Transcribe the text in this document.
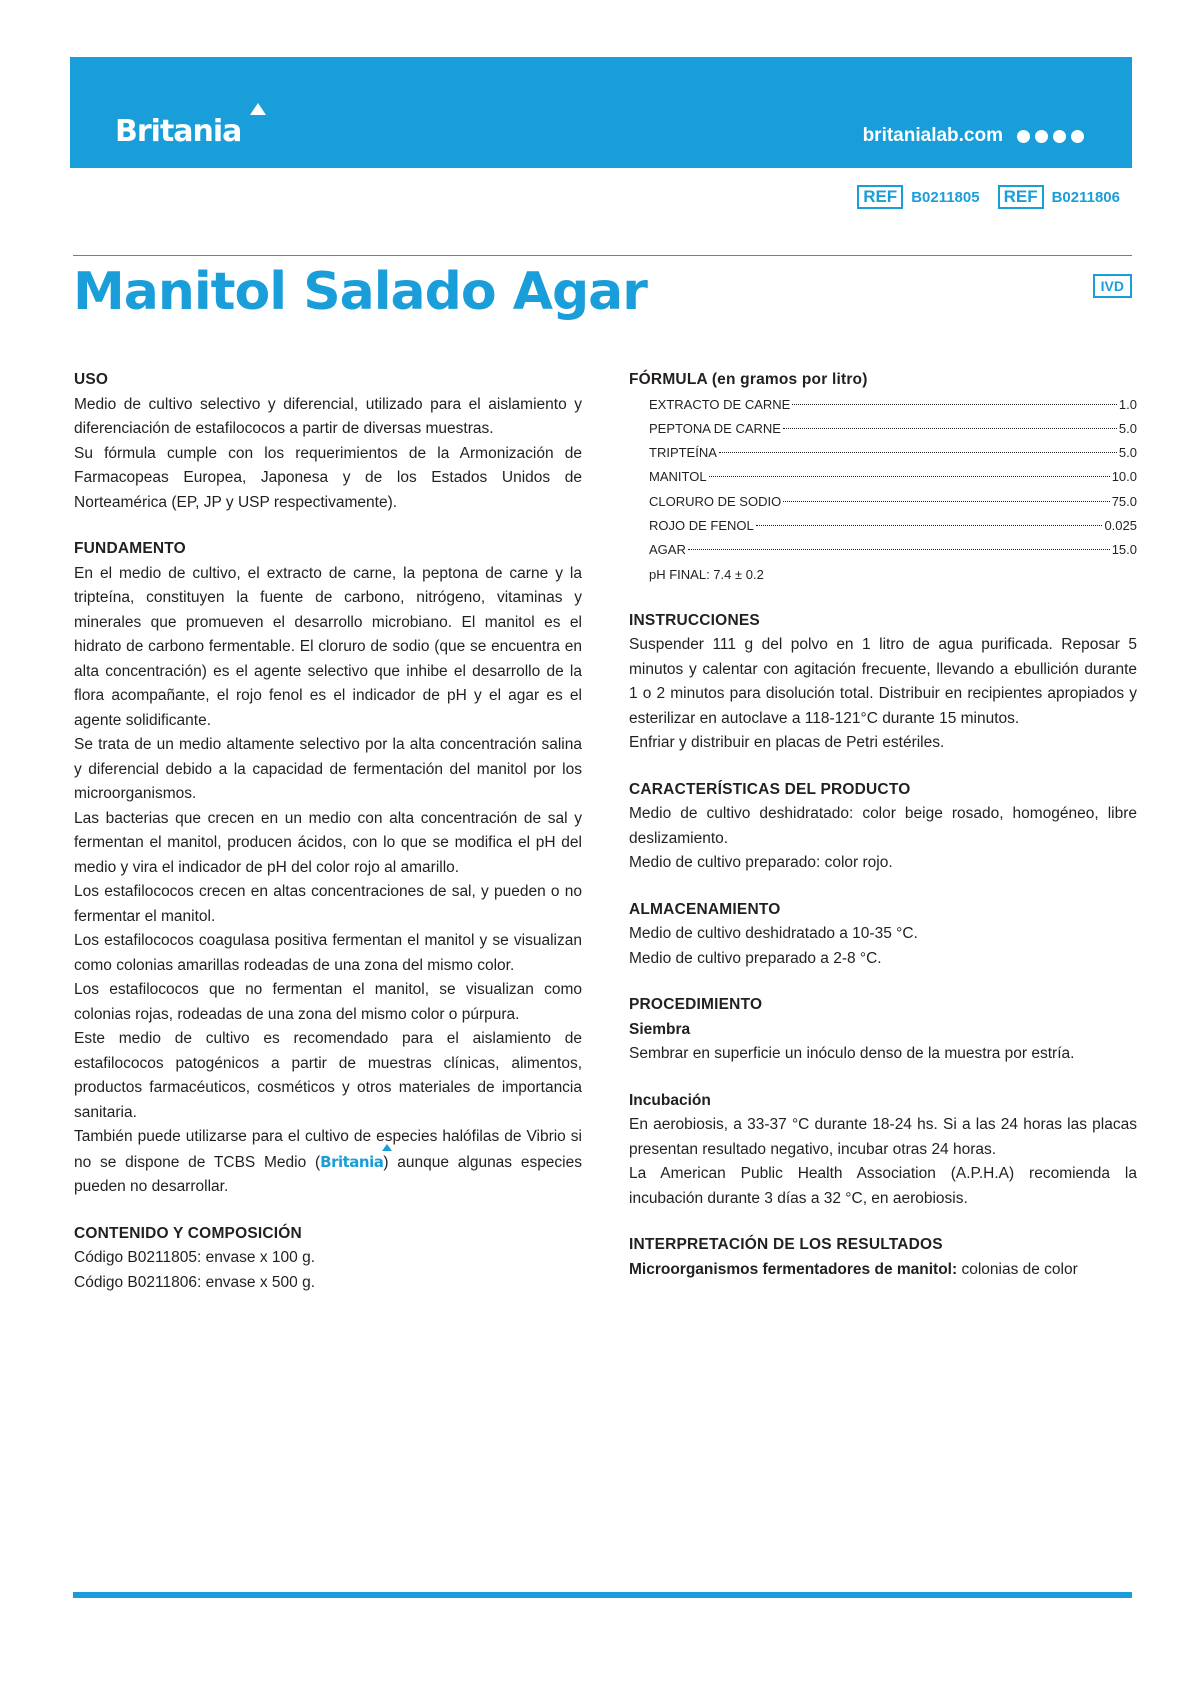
Britania	britanialab.com
REF B0211805	REF B0211806
Manitol Salado Agar	IVD
USO

Medio de cultivo selectivo y diferencial, utilizado para el aislamiento y diferenciación de estafilococos a partir de diversas muestras.

Su fórmula cumple con los requerimientos de la Armonización de Farmacopeas Europea, Japonesa y de los Estados Unidos de Norteamérica (EP, JP y USP respectivamente).

FUNDAMENTO

En el medio de cultivo, el extracto de carne, la peptona de carne y la tripteína, constituyen la fuente de carbono, nitrógeno, vitaminas y minerales que promueven el desarrollo microbiano. El manitol es el hidrato de carbono fermentable. El cloruro de sodio (que se encuentra en alta concentración) es el agente selectivo que inhibe el desarrollo de la flora acompañante, el rojo fenol es el indicador de pH y el agar es el agente solidificante.

Se trata de un medio altamente selectivo por la alta concentración salina y diferencial debido a la capacidad de fermentación del manitol por los microorganismos.

Las bacterias que crecen en un medio con alta concentración de sal y fermentan el manitol, producen ácidos, con lo que se modifica el pH del medio y vira el indicador de pH del color rojo al amarillo.

Los estafilococos crecen en altas concentraciones de sal, y pueden o no fermentar el manitol.

Los estafilococos coagulasa positiva fermentan el manitol y se visualizan como colonias amarillas rodeadas de una zona del mismo color.

Los estafilococos que no fermentan el manitol, se visualizan como colonias rojas, rodeadas de una zona del mismo color o púrpura.

Este medio de cultivo es recomendado para el aislamiento de estafilococos patogénicos a partir de muestras clínicas, alimentos, productos farmacéuticos, cosméticos y otros materiales de importancia sanitaria.

También puede utilizarse para el cultivo de especies halófilas de Vibrio si no se dispone de TCBS Medio (Britania) aunque algunas especies pueden no desarrollar.

CONTENIDO Y COMPOSICIÓN

Código B0211805: envase x 100 g.

Código B0211806: envase x 500 g.

FÓRMULA (en gramos por litro)
EXTRACTO DE CARNE	1.0
PEPTONA DE CARNE	5.0
TRIPTEÍNA	5.0
MANITOL	10.0
CLORURO DE SODIO	75.0
ROJO DE FENOL	0.025
AGAR	15.0
pH FINAL: 7.4 ± 0.2
INSTRUCCIONES

Suspender 111 g del polvo en 1 litro de agua purificada. Reposar 5 minutos y calentar con agitación frecuente, llevando a ebullición durante 1 o 2 minutos para disolución total. Distribuir en recipientes apropiados y esterilizar en autoclave a 118-121°C durante 15 minutos.

Enfriar y distribuir en placas de Petri estériles.

CARACTERÍSTICAS DEL PRODUCTO

Medio de cultivo deshidratado: color beige rosado, homogéneo, libre deslizamiento.

Medio de cultivo preparado: color rojo.

ALMACENAMIENTO

Medio de cultivo deshidratado a 10-35 °C.

Medio de cultivo preparado a 2-8 °C.

PROCEDIMIENTO
Siembra

Sembrar en superficie un inóculo denso de la muestra por estría.

Incubación

En aerobiosis, a 33-37 °C durante 18-24 hs. Si a las 24 horas las placas presentan resultado negativo, incubar otras 24 horas.

La American Public Health Association (A.P.H.A) recomienda la incubación durante 3 días a 32 °C, en aerobiosis.

INTERPRETACIÓN DE LOS RESULTADOS

Microorganismos fermentadores de manitol: colonias de color
